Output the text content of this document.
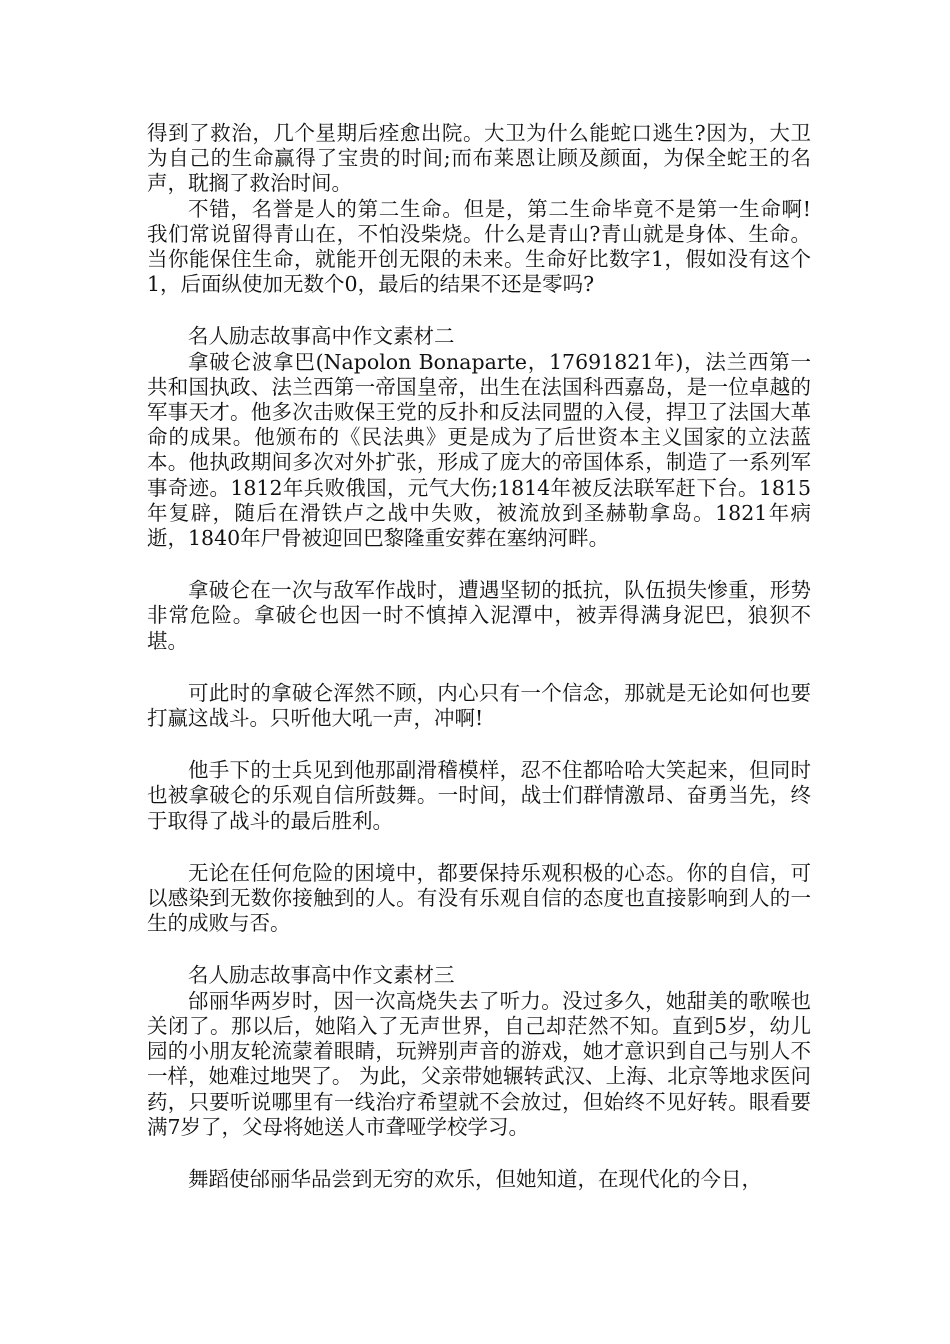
得到了救治，几个星期后痊愈出院。大卫为什么能蛇口逃生?因为，大卫为自己的生命赢得了宝贵的时间;而布莱恩让顾及颜面，为保全蛇王的名声，耽搁了救治时间。

不错，名誉是人的第二生命。但是，第二生命毕竟不是第一生命啊!我们常说留得青山在，不怕没柴烧。什么是青山?青山就是身体、生命。当你能保住生命，就能开创无限的未来。生命好比数字1，假如没有这个1，后面纵使加无数个0，最后的结果不还是零吗?

名人励志故事高中作文素材二

拿破仑波拿巴(Napolon Bonaparte，17691821年)，法兰西第一共和国执政、法兰西第一帝国皇帝，出生在法国科西嘉岛，是一位卓越的军事天才。他多次击败保王党的反扑和反法同盟的入侵，捍卫了法国大革命的成果。他颁布的《民法典》更是成为了后世资本主义国家的立法蓝本。他执政期间多次对外扩张，形成了庞大的帝国体系，制造了一系列军事奇迹。1812年兵败俄国，元气大伤;1814年被反法联军赶下台。1815年复辟，随后在滑铁卢之战中失败，被流放到圣赫勒拿岛。1821年病逝，1840年尸骨被迎回巴黎隆重安葬在塞纳河畔。

拿破仑在一次与敌军作战时，遭遇坚韧的抵抗，队伍损失惨重，形势非常危险。拿破仑也因一时不慎掉入泥潭中，被弄得满身泥巴，狼狈不堪。

可此时的拿破仑浑然不顾，内心只有一个信念，那就是无论如何也要打赢这战斗。只听他大吼一声，冲啊!

他手下的士兵见到他那副滑稽模样，忍不住都哈哈大笑起来，但同时也被拿破仑的乐观自信所鼓舞。一时间，战士们群情激昂、奋勇当先，终于取得了战斗的最后胜利。

无论在任何危险的困境中，都要保持乐观积极的心态。你的自信，可以感染到无数你接触到的人。有没有乐观自信的态度也直接影响到人的一生的成败与否。

名人励志故事高中作文素材三

邰丽华两岁时，因一次高烧失去了听力。没过多久，她甜美的歌喉也关闭了。那以后，她陷入了无声世界，自己却茫然不知。直到5岁，幼儿园的小朋友轮流蒙着眼睛，玩辨别声音的游戏，她才意识到自己与别人不一样，她难过地哭了。 为此，父亲带她辗转武汉、上海、北京等地求医问药，只要听说哪里有一线治疗希望就不会放过，但始终不见好转。眼看要满7岁了，父母将她送人市聋哑学校学习。

舞蹈使邰丽华品尝到无穷的欢乐，但她知道，在现代化的今日，
